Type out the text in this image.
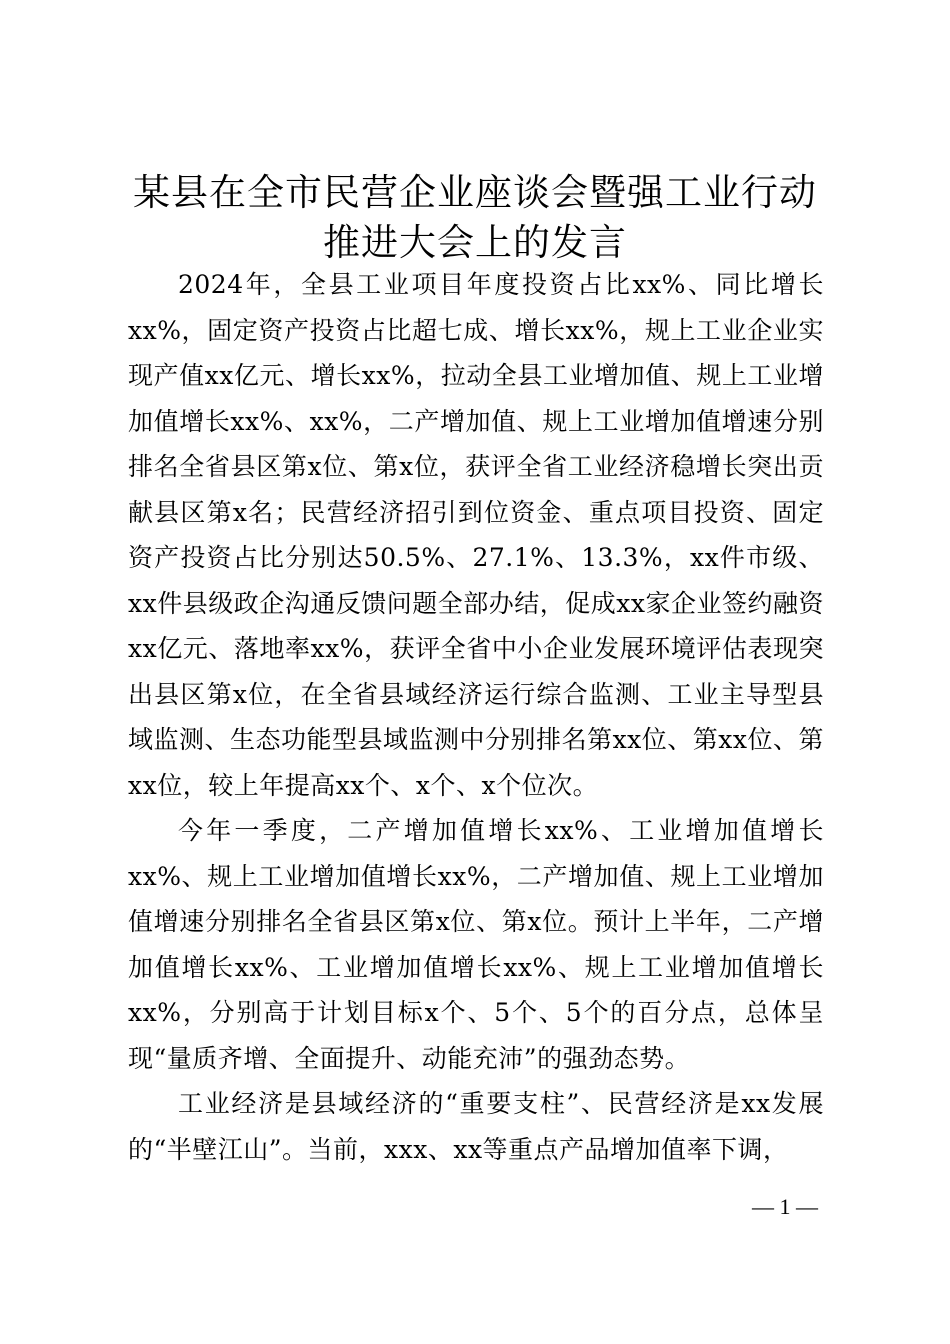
某县在全市民营企业座谈会暨强工业行动推进大会上的发言

2024年，全县工业项目年度投资占比xx%、同比增长xx%，固定资产投资占比超七成、增长xx%，规上工业企业实现产值xx亿元、增长xx%，拉动全县工业增加值、规上工业增加值增长xx%、xx%，二产增加值、规上工业增加值增速分别排名全省县区第x位、第x位，获评全省工业经济稳增长突出贡献县区第x名；民营经济招引到位资金、重点项目投资、固定资产投资占比分别达50.5%、27.1%、13.3%，xx件市级、xx件县级政企沟通反馈问题全部办结，促成xx家企业签约融资xx亿元、落地率xx%，获评全省中小企业发展环境评估表现突出县区第x位，在全省县域经济运行综合监测、工业主导型县域监测、生态功能型县域监测中分别排名第xx位、第xx位、第xx位，较上年提高xx个、x个、x个位次。

今年一季度，二产增加值增长xx%、工业增加值增长xx%、规上工业增加值增长xx%，二产增加值、规上工业增加值增速分别排名全省县区第x位、第x位。预计上半年，二产增加值增长xx%、工业增加值增长xx%、规上工业增加值增长xx%，分别高于计划目标x个、5个、5个的百分点，总体呈现“量质齐增、全面提升、动能充沛”的强劲态势。

工业经济是县域经济的“重要支柱”、民营经济是xx发展的“半壁江山”。当前，xxx、xx等重点产品增加值率下调，

— 1 —
